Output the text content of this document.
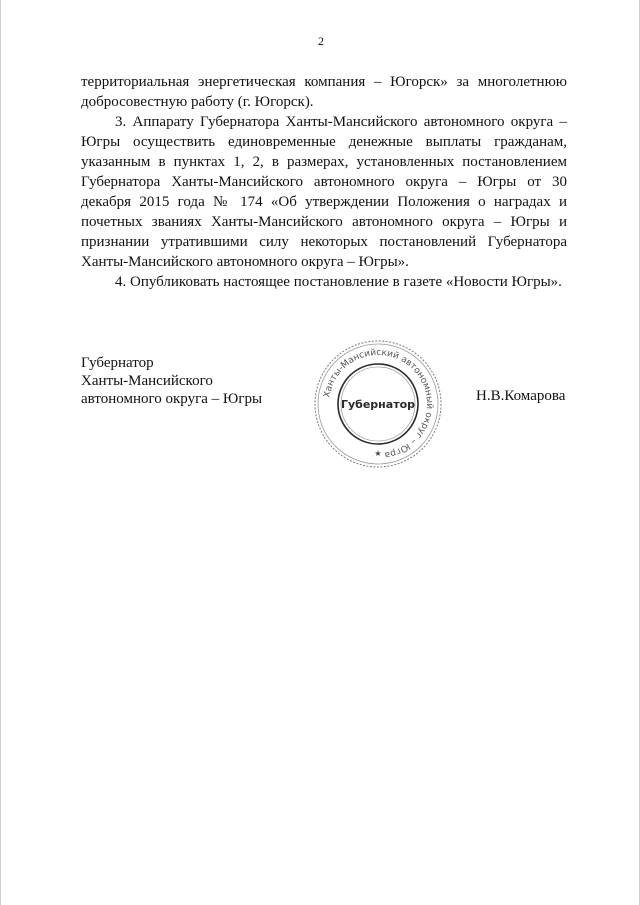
2

территориальная энергетическая компания – Югорск» за многолетнюю добросовестную работу (г. Югорск).

3. Аппарату Губернатора Ханты-Мансийского автономного округа – Югры осуществить единовременные денежные выплаты гражданам, указанным в пунктах 1, 2, в размерах, установленных постановлением Губернатора Ханты-Мансийского автономного округа – Югры от 30 декабря 2015 года № 174 «Об утверждении Положения о наградах и почетных званиях Ханты-Мансийского автономного округа – Югры и признании утратившими силу некоторых постановлений Губернатора Ханты-Мансийского автономного округа – Югры».

4. Опубликовать настоящее постановление в газете «Новости Югры».

Губернатор
Ханты-Мансийского
автономного округа – Югры	Ханты-Мансийский автономный округ – Югра
Губернатор
★
Н.В.Комарова
